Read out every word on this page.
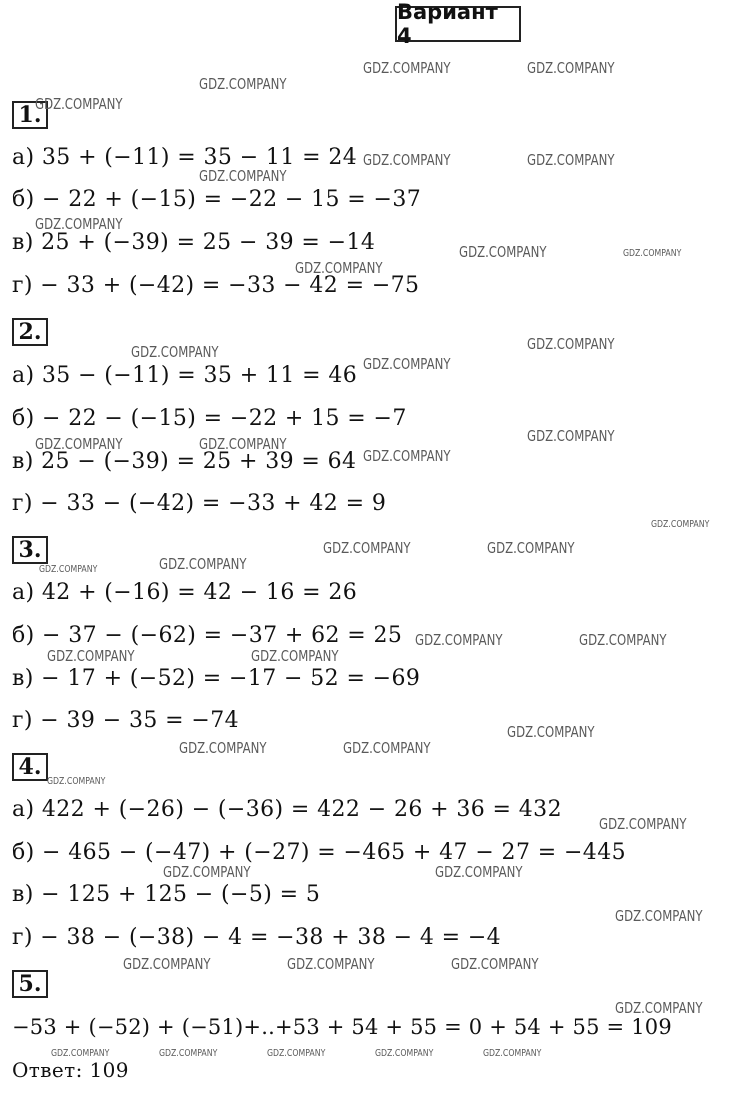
Вариант 4
1.
а) 35 + (−11) = 35 − 11 = 24
б) − 22 + (−15) = −22 − 15 = −37
в) 25 + (−39) = 25 − 39 = −14
г) − 33 + (−42) = −33 − 42 = −75
2.
а) 35 − (−11) = 35 + 11 = 46
б) − 22 − (−15) = −22 + 15 = −7
в) 25 − (−39) = 25 + 39 = 64
г) − 33 − (−42) = −33 + 42 = 9
3.
а) 42 + (−16) = 42 − 16 = 26
б) − 37 − (−62) = −37 + 62 = 25
в) − 17 + (−52) = −17 − 52 = −69
г) − 39 − 35 = −74
4.
а) 422 + (−26) − (−36) = 422 − 26 + 36 = 432
б) − 465 − (−47) + (−27) = −465 + 47 − 27 = −445
в) − 125 + 125 − (−5) = 5
г) − 38 − (−38) − 4 = −38 + 38 − 4 = −4
5.
−53 + (−52) + (−51)+..+53 + 54 + 55 = 0 + 54 + 55 = 109
Ответ: 109
GDZ.COMPANY	GDZ.COMPANY
GDZ.COMPANY
GDZ.COMPANY
GDZ.COMPANY	GDZ.COMPANY
GDZ.COMPANY
GDZ.COMPANY
GDZ.COMPANY	GDZ.COMPANY
GDZ.COMPANY
GDZ.COMPANY
GDZ.COMPANY
GDZ.COMPANY
GDZ.COMPANY
GDZ.COMPANY	GDZ.COMPANY
GDZ.COMPANY
GDZ.COMPANY
GDZ.COMPANY	GDZ.COMPANY
GDZ.COMPANY
GDZ.COMPANY
GDZ.COMPANY	GDZ.COMPANY
GDZ.COMPANY	GDZ.COMPANY
GDZ.COMPANY
GDZ.COMPANY	GDZ.COMPANY
GDZ.COMPANY
GDZ.COMPANY
GDZ.COMPANY	GDZ.COMPANY
GDZ.COMPANY
GDZ.COMPANY	GDZ.COMPANY	GDZ.COMPANY
GDZ.COMPANY
GDZ.COMPANY	GDZ.COMPANY	GDZ.COMPANY	GDZ.COMPANY	GDZ.COMPANY
